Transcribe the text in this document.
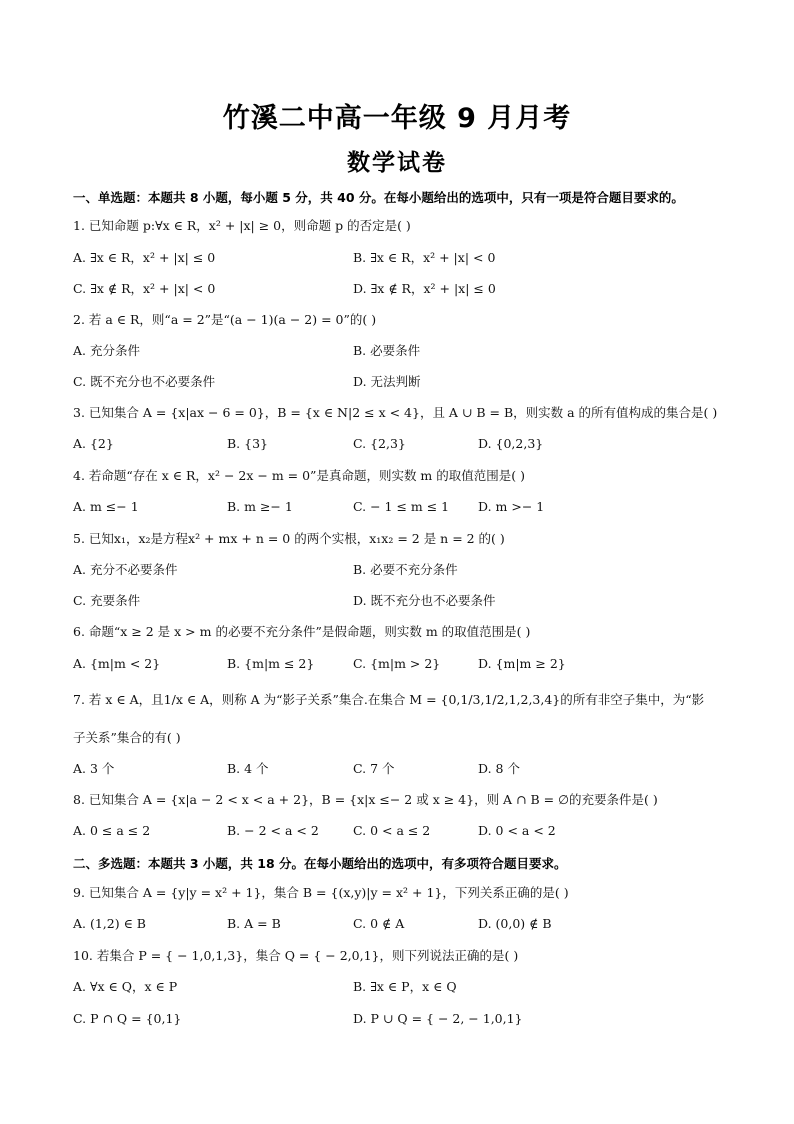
竹溪二中高一年级 9 月月考
数学试卷
一、单选题：本题共 8 小题，每小题 5 分，共 40 分。在每小题给出的选项中，只有一项是符合题目要求的。
1. 已知命题 p:∀x ∈ R，x² + |x| ≥ 0，则命题 p 的否定是( )
A. ∃x ∈ R，x² + |x| ≤ 0	B. ∃x ∈ R，x² + |x| < 0
C. ∃x ∉ R，x² + |x| < 0	D. ∃x ∉ R，x² + |x| ≤ 0
2. 若 a ∈ R，则“a = 2”是“(a − 1)(a − 2) = 0”的( )
A. 充分条件	B. 必要条件
C. 既不充分也不必要条件	D. 无法判断
3. 已知集合 A = {x|ax − 6 = 0}，B = {x ∈ N|2 ≤ x < 4}，且 A ∪ B = B，则实数 a 的所有值构成的集合是( )
A. {2}	B. {3}	C. {2,3}	D. {0,2,3}
4. 若命题“存在 x ∈ R，x² − 2x − m = 0”是真命题，则实数 m 的取值范围是( )
A. m ≤− 1	B. m ≥− 1	C. − 1 ≤ m ≤ 1 D. m >− 1
5. 已知x₁，x₂是方程x² + mx + n = 0 的两个实根，x₁x₂ = 2 是 n = 2 的( )
A. 充分不必要条件	B. 必要不充分条件
C. 充要条件	D. 既不充分也不必要条件
6. 命题“x ≥ 2 是 x > m 的必要不充分条件”是假命题，则实数 m 的取值范围是( )
A. {m|m < 2}	B. {m|m ≤ 2}	C. {m|m > 2}	D. {m|m ≥ 2}
7. 若 x ∈ A，且1/x ∈ A，则称 A 为“影子关系”集合.在集合 M = {0,1/3,1/2,1,2,3,4}的所有非空子集中，为“影
子关系”集合的有( )
A. 3 个	B. 4 个	C. 7 个	D. 8 个
8. 已知集合 A = {x|a − 2 < x < a + 2}，B = {x|x ≤− 2 或 x ≥ 4}，则 A ∩ B = ∅的充要条件是( )
A. 0 ≤ a ≤ 2	B. − 2 < a < 2	C. 0 < a ≤ 2	D. 0 < a < 2
二、多选题：本题共 3 小题，共 18 分。在每小题给出的选项中，有多项符合题目要求。
9. 已知集合 A = {y|y = x² + 1}，集合 B = {(x,y)|y = x² + 1}，下列关系正确的是( )
A. (1,2) ∈ B	B. A = B	C. 0 ∉ A	D. (0,0) ∉ B
10. 若集合 P = { − 1,0,1,3}，集合 Q = { − 2,0,1}，则下列说法正确的是( )
A. ∀x ∈ Q，x ∈ P	B. ∃x ∈ P，x ∈ Q
C. P ∩ Q = {0,1}	D. P ∪ Q = { − 2, − 1,0,1}
